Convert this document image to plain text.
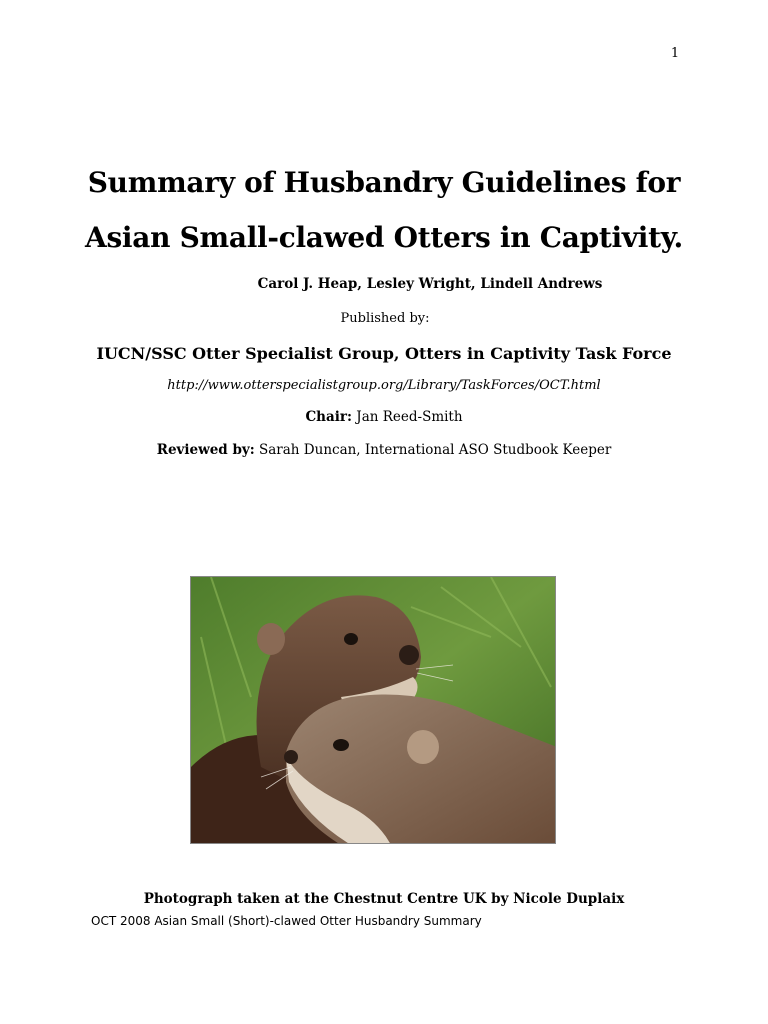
1
Summary of Husbandry Guidelines for
Asian Small-clawed Otters in Captivity.
Carol J. Heap, Lesley Wright, Lindell Andrews
Published by:
IUCN/SSC Otter Specialist Group, Otters in Captivity Task Force
http://www.otterspecialistgroup.org/Library/TaskForces/OCT.html
Chair: Jan Reed-Smith
Reviewed by: Sarah Duncan, International ASO Studbook Keeper
Photograph taken at the Chestnut Centre UK by Nicole Duplaix
OCT 2008 Asian Small (Short)-clawed Otter Husbandry Summary
